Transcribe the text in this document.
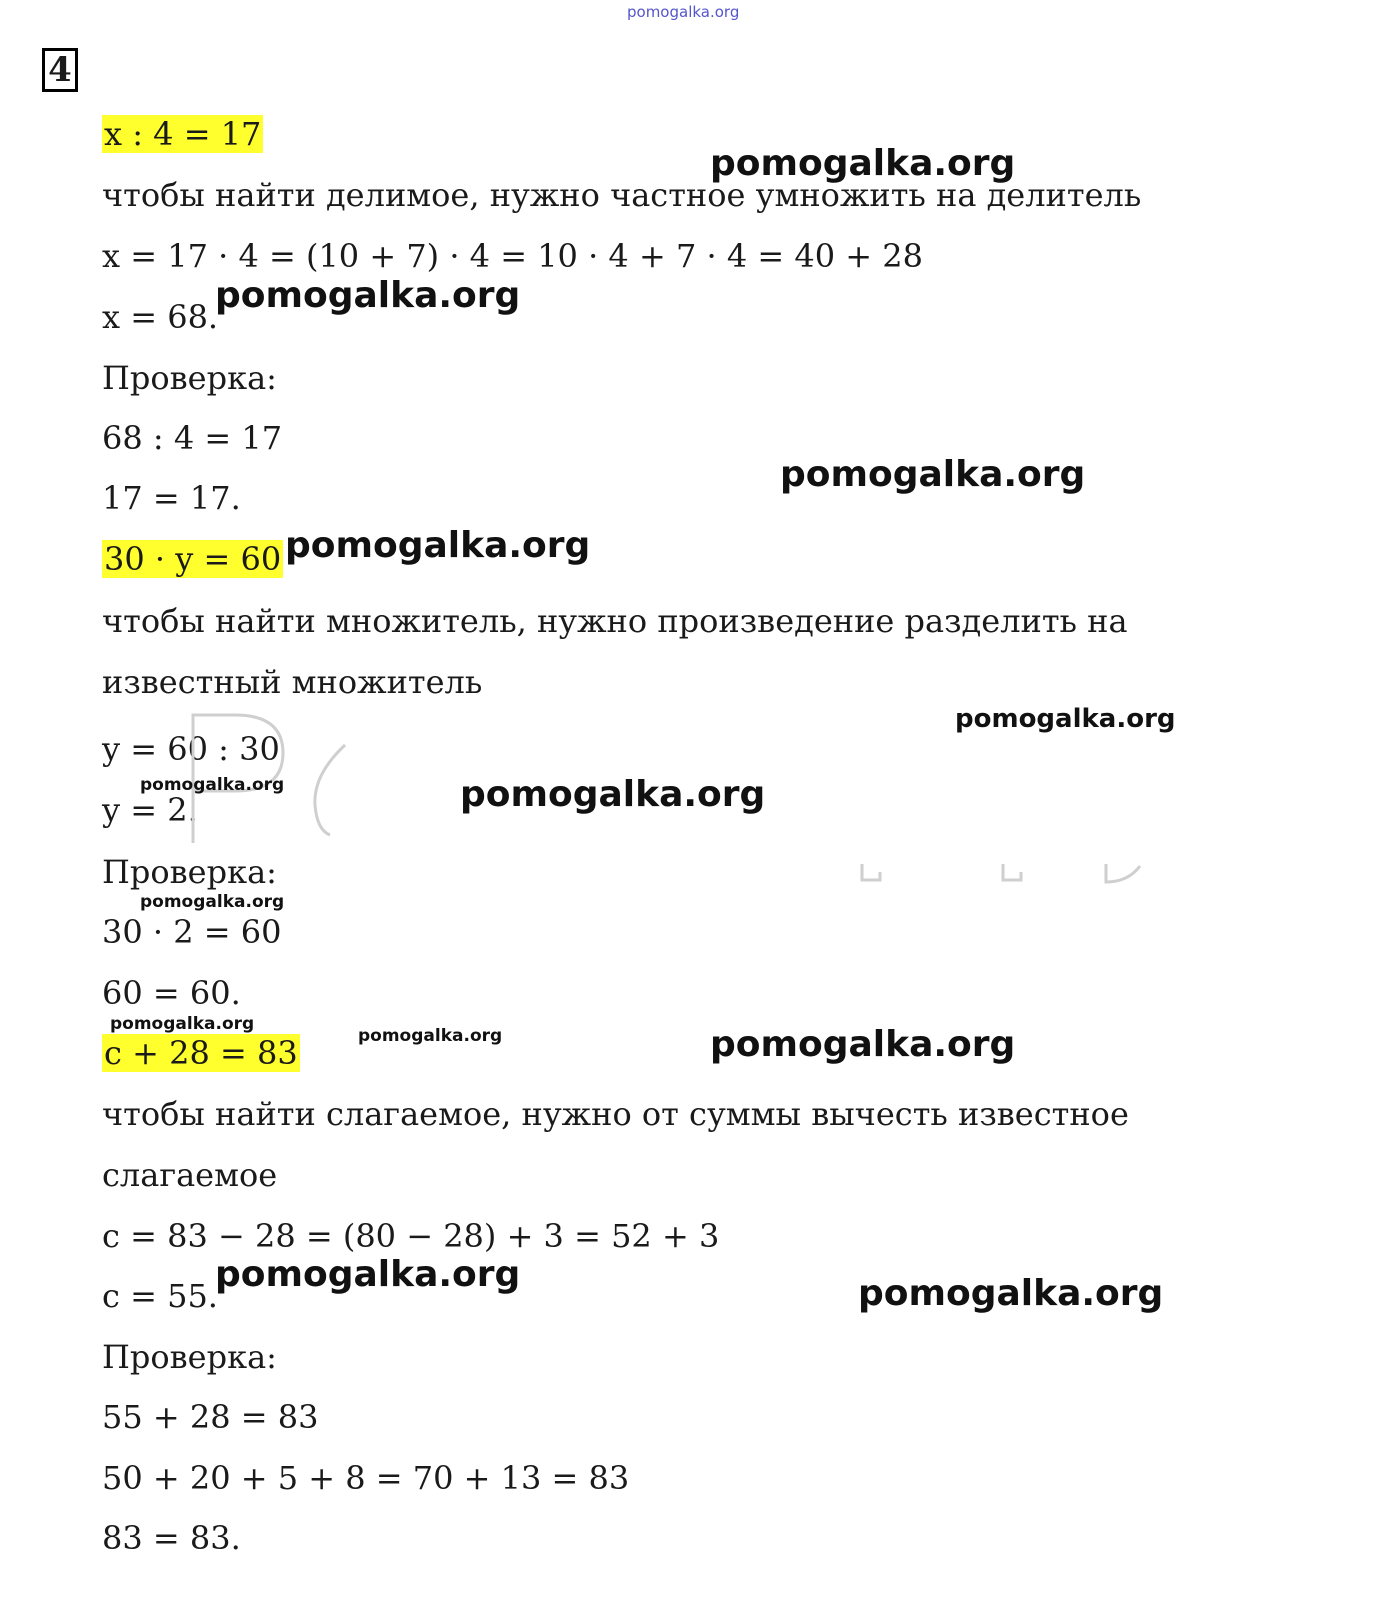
pomogalka.org
4
x : 4 = 17
чтобы найти делимое, нужно частное умножить на делитель
x = 17 · 4 = (10 + 7) · 4 = 10 · 4 + 7 · 4 = 40 + 28
x = 68.
Проверка:
68 : 4 = 17
17 = 17.
30 · y = 60
чтобы найти множитель, нужно произведение разделить на
известный множитель
y = 60 : 30
y = 2.
Проверка:
30 · 2 = 60
60 = 60.
c + 28 = 83
чтобы найти слагаемое, нужно от суммы вычесть известное
слагаемое
c = 83 − 28 = (80 − 28) + 3 = 52 + 3
c = 55.
Проверка:
55 + 28 = 83
50 + 20 + 5 + 8 = 70 + 13 = 83
83 = 83.
pomogalka.org
pomogalka.org
pomogalka.org
pomogalka.org
pomogalka.org
pomogalka.org	pomogalka.org
pomogalka.org
pomogalka.org
pomogalka.org	pomogalka.org
pomogalka.org	pomogalka.org
